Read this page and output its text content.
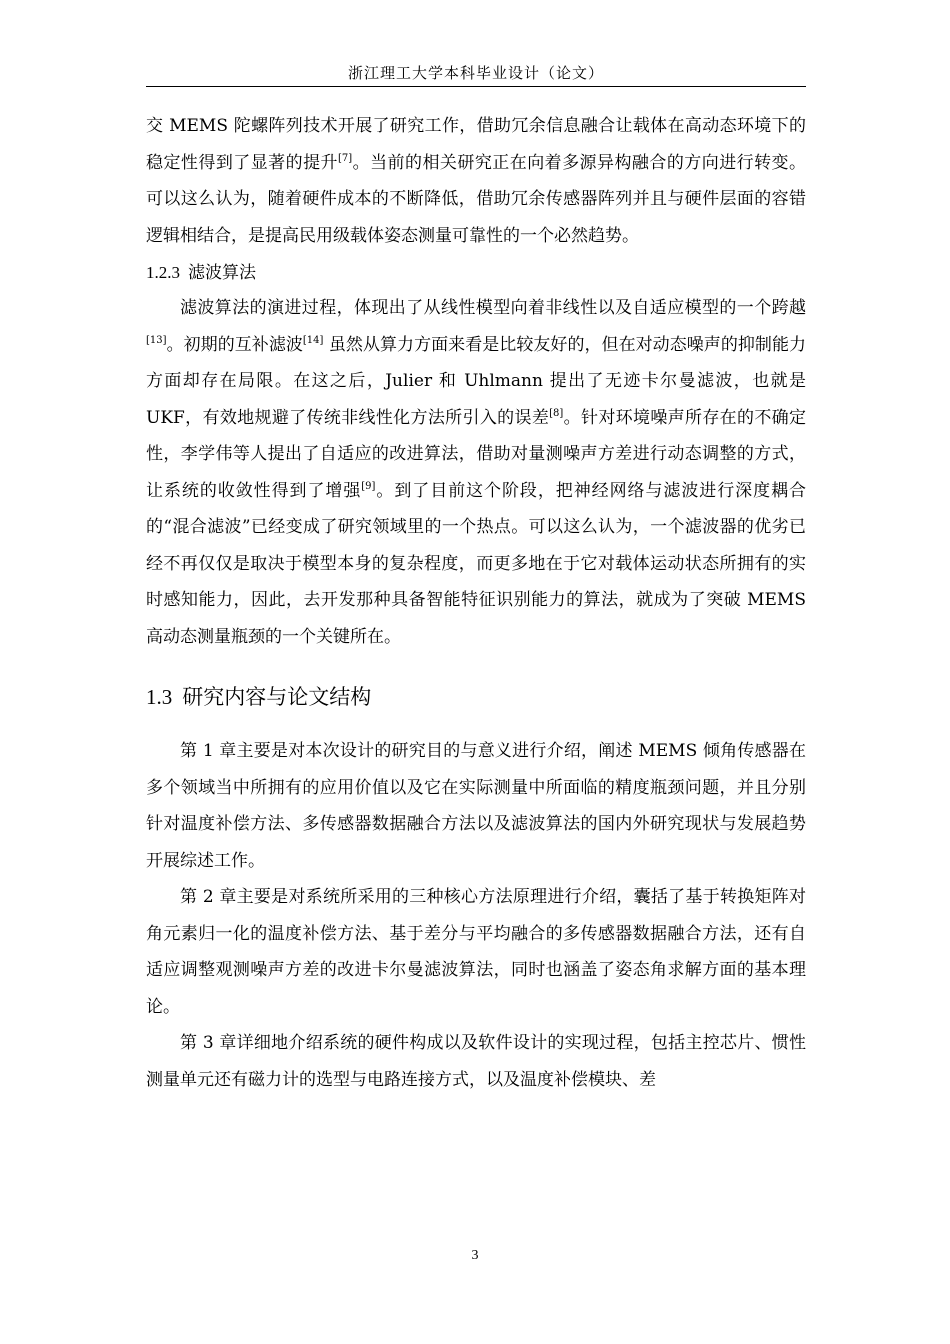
浙江理工大学本科毕业设计（论文）

交 MEMS 陀螺阵列技术开展了研究工作，借助冗余信息融合让载体在高动态环境下的稳定性得到了显著的提升[7]。当前的相关研究正在向着多源异构融合的方向进行转变。可以这么认为，随着硬件成本的不断降低，借助冗余传感器阵列并且与硬件层面的容错逻辑相结合，是提高民用级载体姿态测量可靠性的一个必然趋势。

1.2.3 滤波算法

滤波算法的演进过程，体现出了从线性模型向着非线性以及自适应模型的一个跨越[13]。初期的互补滤波[14] 虽然从算力方面来看是比较友好的，但在对动态噪声的抑制能力方面却存在局限。在这之后，Julier 和 Uhlmann 提出了无迹卡尔曼滤波，也就是 UKF，有效地规避了传统非线性化方法所引入的误差[8]。针对环境噪声所存在的不确定性，李学伟等人提出了自适应的改进算法，借助对量测噪声方差进行动态调整的方式，让系统的收敛性得到了增强[9]。到了目前这个阶段，把神经网络与滤波进行深度耦合的“混合滤波”已经变成了研究领域里的一个热点。可以这么认为，一个滤波器的优劣已经不再仅仅是取决于模型本身的复杂程度，而更多地在于它对载体运动状态所拥有的实时感知能力，因此，去开发那种具备智能特征识别能力的算法，就成为了突破 MEMS 高动态测量瓶颈的一个关键所在。

1.3 研究内容与论文结构

第 1 章主要是对本次设计的研究目的与意义进行介绍，阐述 MEMS 倾角传感器在多个领域当中所拥有的应用价值以及它在实际测量中所面临的精度瓶颈问题，并且分别针对温度补偿方法、多传感器数据融合方法以及滤波算法的国内外研究现状与发展趋势开展综述工作。

第 2 章主要是对系统所采用的三种核心方法原理进行介绍，囊括了基于转换矩阵对角元素归一化的温度补偿方法、基于差分与平均融合的多传感器数据融合方法，还有自适应调整观测噪声方差的改进卡尔曼滤波算法，同时也涵盖了姿态角求解方面的基本理论。

第 3 章详细地介绍系统的硬件构成以及软件设计的实现过程，包括主控芯片、惯性测量单元还有磁力计的选型与电路连接方式，以及温度补偿模块、差

3
